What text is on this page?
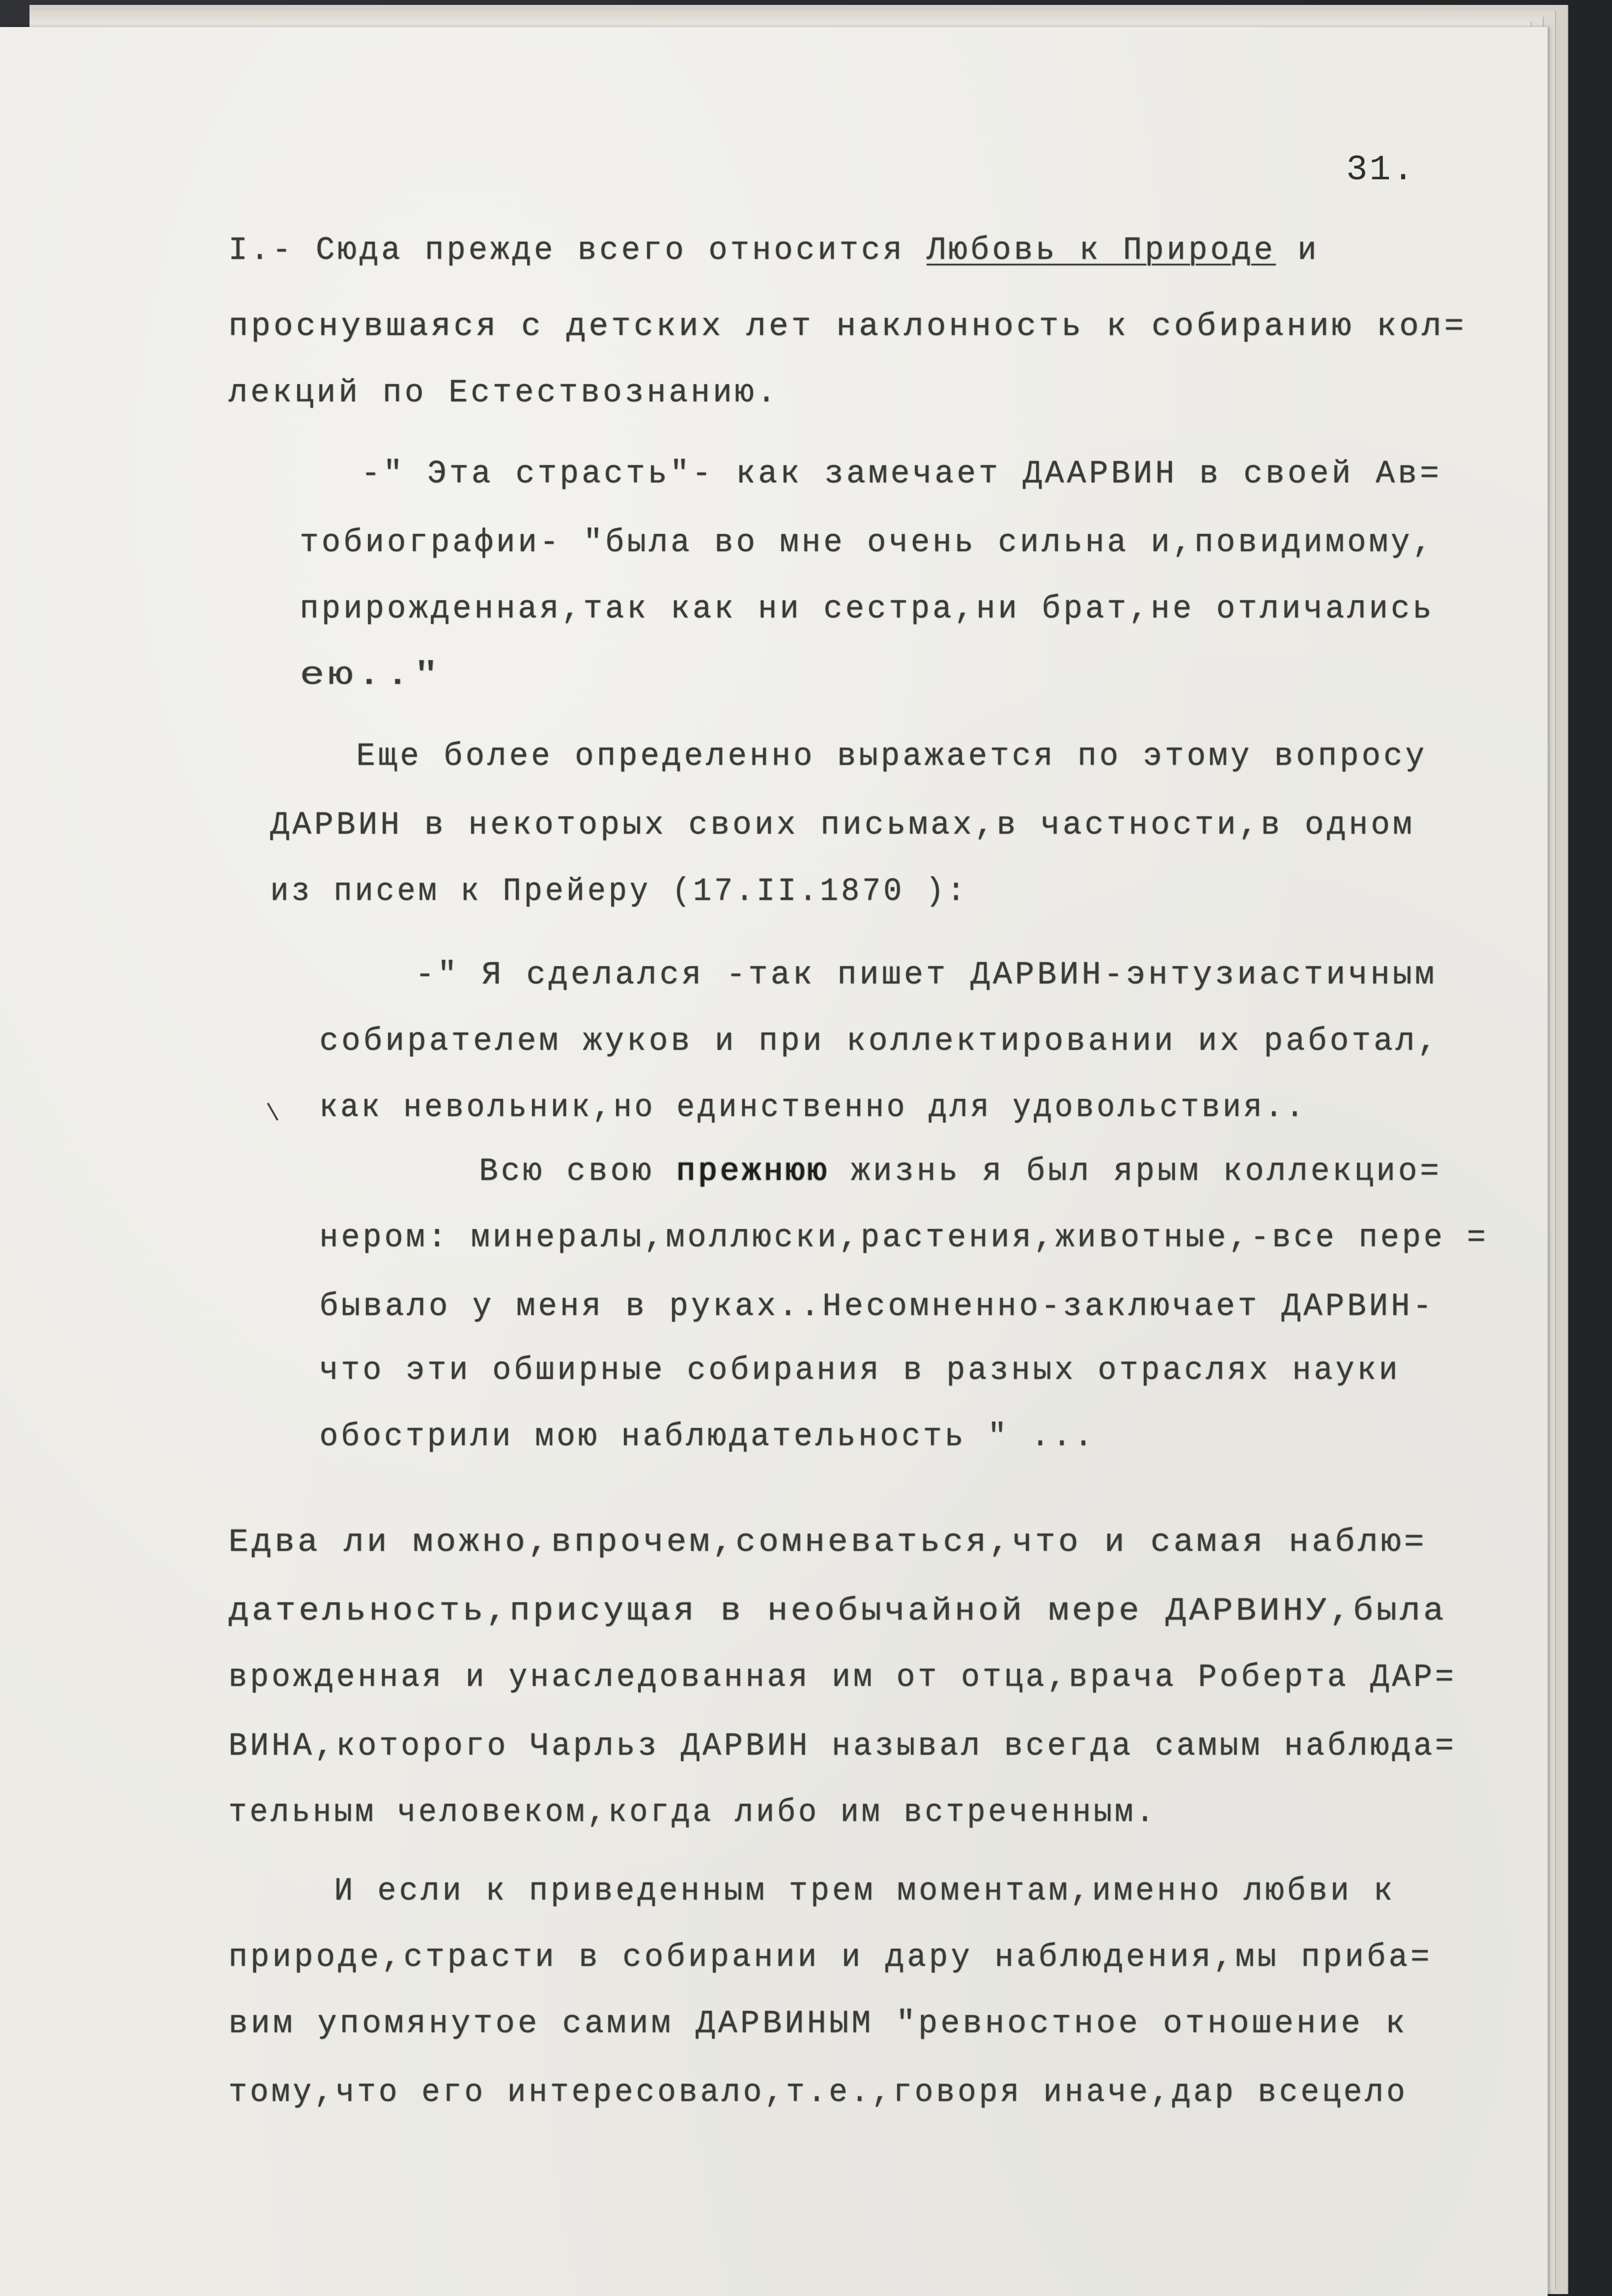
31.
I.- Сюда прежде всего относится Любовь к Природе и
проснувшаяся с детских лет наклонность к собиранию кол=
лекций по Естествознанию.
-" Эта страсть"- как замечает ДААРВИН в своей Ав=
тобиографии- "была во мне очень сильна и,повидимому,
прирожденная,так как ни сестра,ни брат,не отличались
ею.."
Еще более определенно выражается по этому вопросу
ДАРВИН в некоторых своих письмах,в частности,в одном
из писем к Прейеру (17.II.1870 ):
-" Я сделался -так пишет ДАРВИН-энтузиастичным
собирателем жуков и при коллектировании их работал,
как невольник,но единственно для удовольствия..
Всю свою прежнюю жизнь я был ярым коллекцио=
нером: минералы,моллюски,растения,животные,-все пере =
бывало у меня в руках..Несомненно-заключает ДАРВИН-
что эти обширные собирания в разных отраслях науки
обострили мою наблюдательность " ...
Едва ли можно,впрочем,сомневаться,что и самая наблю=
дательность,присущая в необычайной мере ДАРВИНУ,была
врожденная и унаследованная им от отца,врача Роберта ДАР=
ВИНА,которого Чарльз ДАРВИН называл всегда самым наблюда=
тельным человеком,когда либо им встреченным.
И если к приведенным трем моментам,именно любви к
природе,страсти в собирании и дару наблюдения,мы приба=
вим упомянутое самим ДАРВИНЫМ "ревностное отношение к
тому,что его интересовало,т.е.,говоря иначе,дар всецело
